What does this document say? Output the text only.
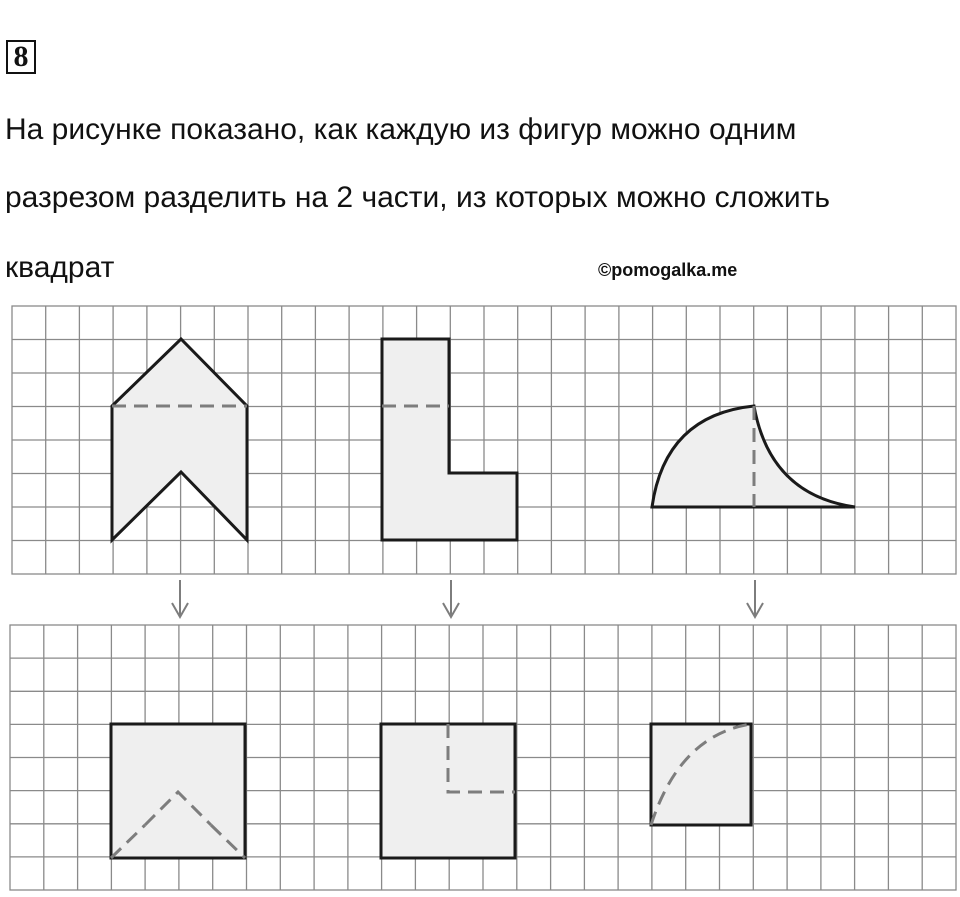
8
На рисунке показано, как каждую из фигур можно одним
разрезом разделить на 2 части, из которых можно сложить
квадрат	©pomogalka.me
